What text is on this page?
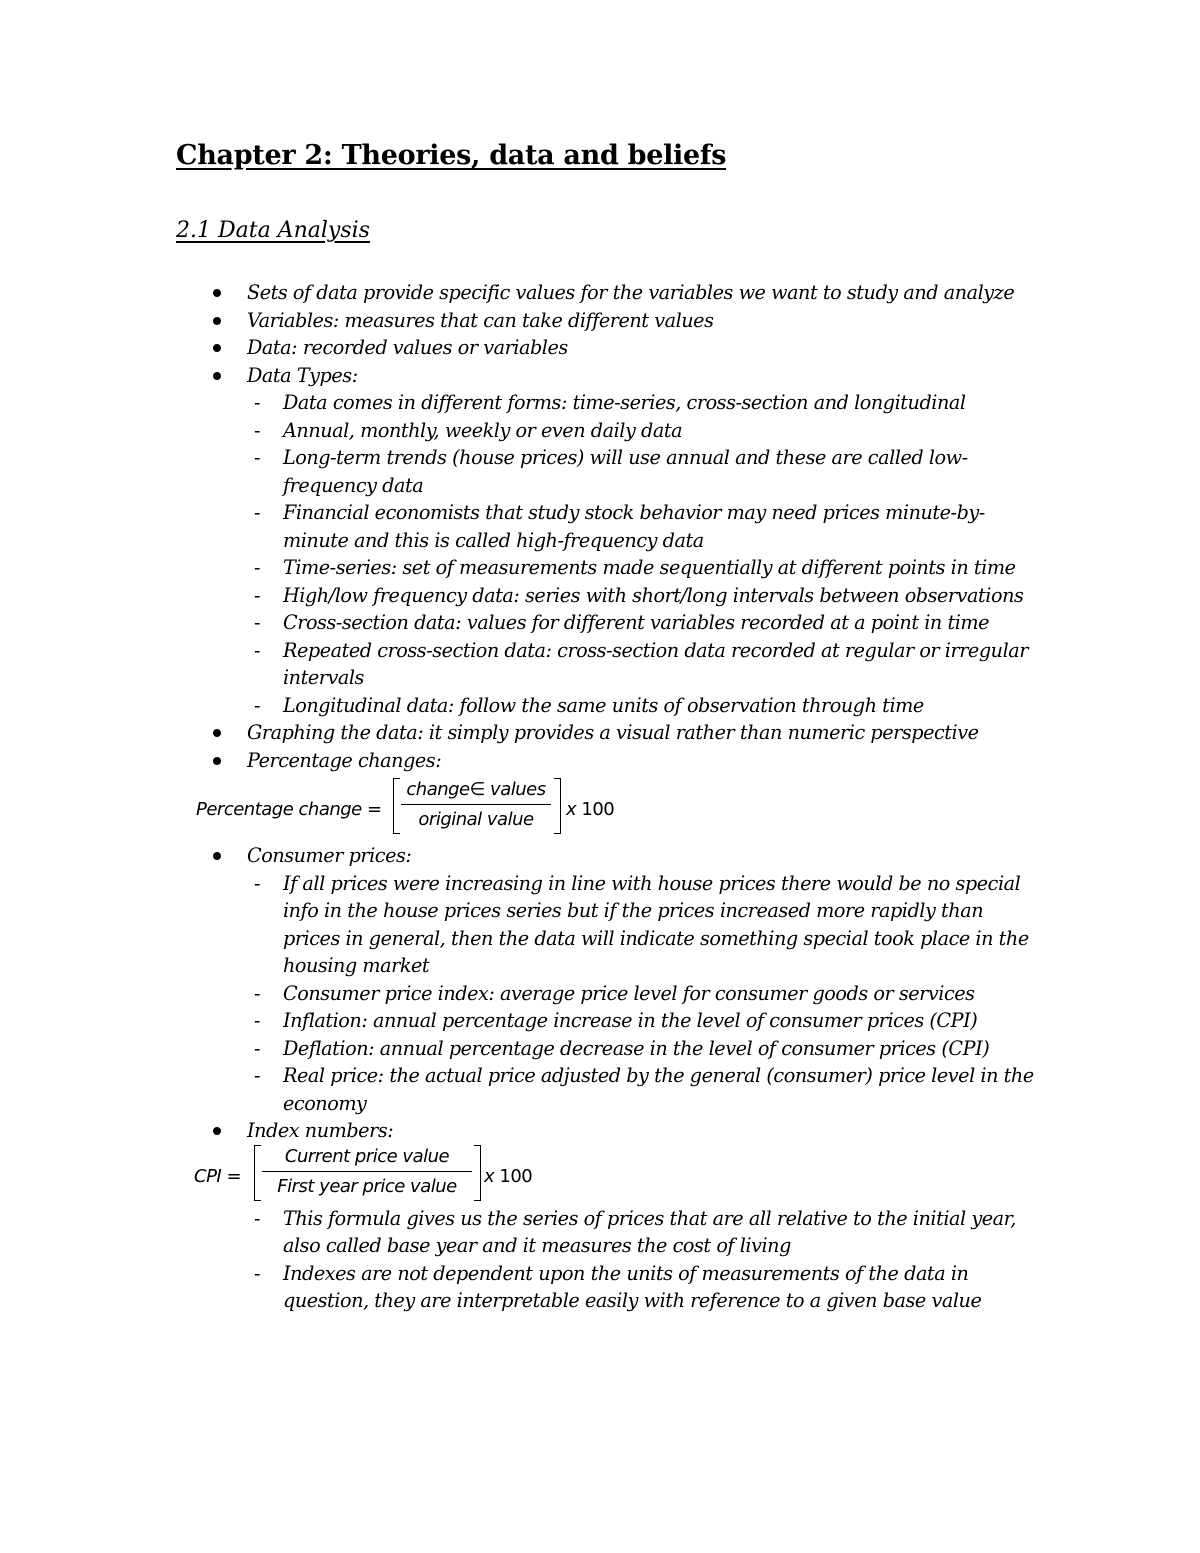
Chapter 2: Theories, data and beliefs
2.1 Data Analysis
Sets of data provide specific values for the variables we want to study and analyze
Variables: measures that can take different values
Data: recorded values or variables
Data Types:
- Data comes in different forms: time-series, cross-section and longitudinal
- Annual, monthly, weekly or even daily data
- Long-term trends (house prices) will use annual and these are called low-frequency data
- Financial economists that study stock behavior may need prices minute-by-minute and this is called high-frequency data
- Time-series: set of measurements made sequentially at different points in time
- High/low frequency data: series with short/long intervals between observations
- Cross-section data: values for different variables recorded at a point in time
- Repeated cross-section data: cross-section data recorded at regular or irregular intervals
- Longitudinal data: follow the same units of observation through time
Graphing the data: it simply provides a visual rather than numeric perspective
Percentage changes:
Percentage change =
change∈ values
original value	x 100
Consumer prices:
- If all prices were increasing in line with house prices there would be no special info in the house prices series but if the prices increased more rapidly than prices in general, then the data will indicate something special took place in the housing market
- Consumer price index: average price level for consumer goods or services
- Inflation: annual percentage increase in the level of consumer prices (CPI)
- Deflation: annual percentage decrease in the level of consumer prices (CPI)
- Real price: the actual price adjusted by the general (consumer) price level in the economy
Index numbers:
CPI =
Current price value
First year price value	x 100
- This formula gives us the series of prices that are all relative to the initial year, also called base year and it measures the cost of living
- Indexes are not dependent upon the units of measurements of the data in question, they are interpretable easily with reference to a given base value
